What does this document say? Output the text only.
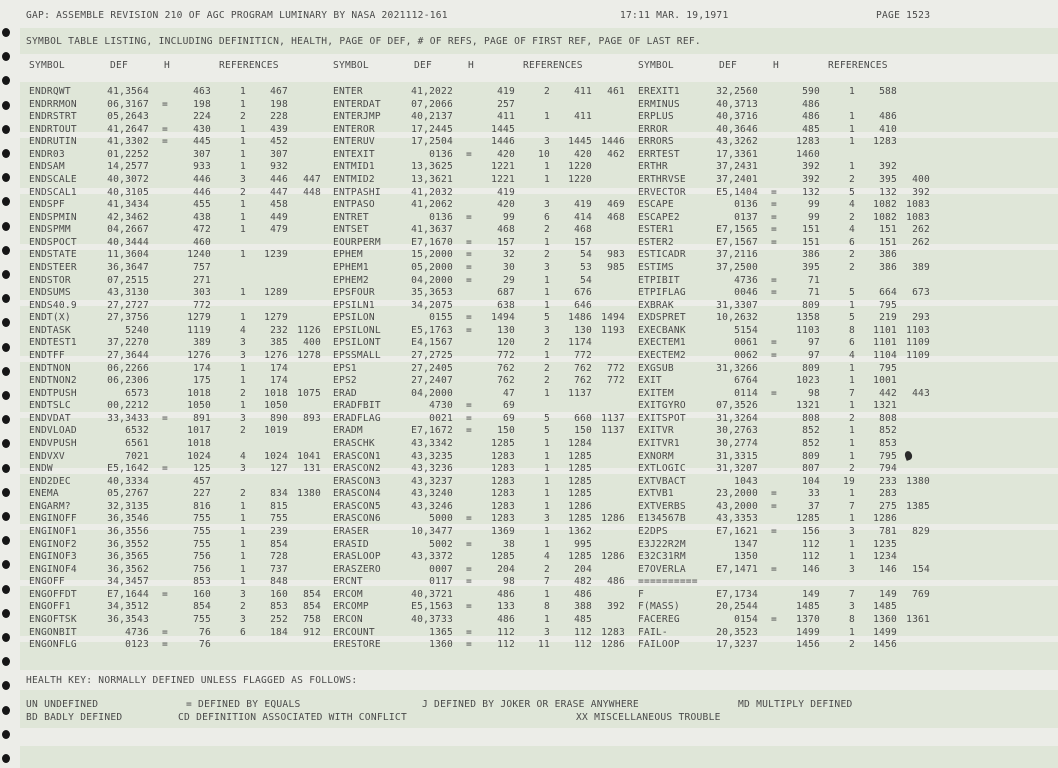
GAP: ASSEMBLE REVISION 210 OF AGC PROGRAM LUMINARY BY NASA 2021112-161	17:11 MAR. 19,1971	PAGE 1523
SYMBOL TABLE LISTING, INCLUDING DEFINITICN, HEALTH, PAGE OF DEF, # OF REFS, PAGE OF FIRST REF, PAGE OF LAST REF.
SYMBOL	DEF	H	REFERENCES	SYMBOL	DEF	H	REFERENCES	SYMBOL	DEF	H	REFERENCES
ENDRQWT	41,3564	463	1	467	ENTER	41,2022	419	2	411	461 EREXIT1	32,2560	590	1	588
ENDRRMON	06,3167 =	198	1	198	ENTERDAT	07,2066	257	ERMINUS	40,3713	486
ENDRSTRT	05,2643	224	2	228	ENTERJMP	40,2137	411	1	411	ERPLUS	40,3716	486	1	486
ENDRTOUT	41,2647 =	430	1	439	ENTEROR	17,2445	1445	ERROR	40,3646	485	1	410
ENDRUTIN	41,3302 =	445	1	452	ENTERUV	17,2504	1446	3	1445 1446 ERRORS	43,3262	1283	1	1283
ENDR03	01,2252	307	1	307	ENTEXIT	0136 =	420	10	420	462 ERRTEST	17,3361	1460
ENDSAM	14,2577	933	1	932	ENTMID1	13,3625	1221	1	1220	ERTHR	37,2431	392	1	392
ENDSCALE	40,3072	446	3	446	447 ENTMID2	13,3621	1221	1	1220	ERTHRVSE	37,2401	392	2	395	400
ENDSCAL1	40,3105	446	2	447	448 ENTPASHI	41,2032	419	ERVECTOR	E5,1404 =	132	5	132	392
ENDSPF	41,3434	455	1	458	ENTPASO	41,2062	420	3	419	469 ESCAPE	0136 =	99	4	1082 1083
ENDSPMIN	42,3462	438	1	449	ENTRET	0136 =	99	6	414	468 ESCAPE2	0137 =	99	2	1082 1083
ENDSPMM	04,2667	472	1	479	ENTSET	41,3637	468	2	468	ESTER1	E7,1565 =	151	4	151	262
ENDSPOCT	40,3444	460	EOURPERM	E7,1670 =	157	1	157	ESTER2	E7,1567 =	151	6	151	262
ENDSTATE	11,3604	1240	1	1239	EPHEM	15,2000 =	32	2	54	983 ESTICADR	37,2116	386	2	386
ENDSTEER	36,3647	757	EPHEM1	05,2000 =	30	3	53	985 ESTIMS	37,2500	395	2	386	389
ENDSTOR	07,2515	271	EPHEM2	04,2000 =	29	1	54	ETPIBIT	4736 =	71
ENDSUMS	43,3130	303	1	1289	EPSFOUR	35,3653	687	1	676	ETPIFLAG	0046 =	71	5	664	673
ENDS40.9	27,2727	772	EPSILN1	34,2075	638	1	646	EXBRAK	31,3307	809	1	795
ENDT(X)	27,3756	1279	1	1279	EPSILON	0155 =	1494	5	1486 1494 EXDSPRET	10,2632	1358	5	219	293
ENDTASK	5240	1119	4	232 1126 EPSILONL	E5,1763 =	130	3	130 1193 EXECBANK	5154	1103	8	1101 1103
ENDTEST1	37,2270	389	3	385	400 EPSILONT	E4,1567	120	2	1174	EXECTEM1	0061 =	97	6	1101 1109
ENDTFF	27,3644	1276	3	1276 1278 EPSSMALL	27,2725	772	1	772	EXECTEM2	0062 =	97	4	1104 1109
ENDTNON	06,2266	174	1	174	EPS1	27,2405	762	2	762	772 EXGSUB	31,3266	809	1	795
ENDTNON2	06,2306	175	1	174	EPS2	27,2407	762	2	762	772 EXIT	6764	1023	1	1001
ENDTPUSH	6573	1018	2	1018 1075 ERAD	04,2000	47	1	1137	EXITEM	0114 =	98	7	442	443
ENDTSLC	00,2212	1050	1	1050	ERADFBIT	4730 =	69	EXITGYRO	07,3526	1321	1	1321
ENDVDAT	33,3433 =	891	3	890	893 ERADFLAG	0021 =	69	5	660 1137 EXITSPOT	31,3264	808	2	808
ENDVLOAD	6532	1017	2	1019	ERADM	E7,1672 =	150	5	150 1137 EXITVR	30,2763	852	1	852
ENDVPUSH	6561	1018	ERASCHK	43,3342	1285	1	1284	EXITVR1	30,2774	852	1	853
ENDVXV	7021	1024	4	1024 1041 ERASCON1	43,3235	1283	1	1285	EXNORM	31,3315	809	1	795
ENDW	E5,1642 =	125	3	127	131 ERASCON2	43,3236	1283	1	1285	EXTLOGIC	31,3207	807	2	794
END2DEC	40,3334	457	ERASCON3	43,3237	1283	1	1285	EXTVBACT	1043	104	19	233 1380
ENEMA	05,2767	227	2	834 1380 ERASCON4	43,3240	1283	1	1285	EXTVB1	23,2000 =	33	1	283
ENGARM?	32,3135	816	1	815	ERASCON5	43,3246	1283	1	1286	EXTVERBS	43,2000 =	37	7	275 1385
ENGINOFF	36,3546	755	1	755	ERASCON6	5000 =	1283	3	1285 1286 E134567B	43,3353	1285	1	1286
ENGINOF1	36,3556	755	1	239	ERASER	10,3477	1369	1	1362	E2DPS	E7,1621 =	156	3	781	829
ENGINOF2	36,3552	755	1	854	ERASID	5002 =	38	1	995	E3J22R2M	1347	112	1	1235
ENGINOF3	36,3565	756	1	728	ERASLOOP	43,3372	1285	4	1285 1286 E32C31RM	1350	112	1	1234
ENGINOF4	36,3562	756	1	737	ERASZERO	0007 =	204	2	204	E7OVERLA	E7,1471 =	146	3	146	154
ENGOFF	34,3457	853	1	848	ERCNT	0117 =	98	7	482	486 ==========
ENGOFFDT	E7,1644 =	160	3	160	854 ERCOM	40,3721	486	1	486	F	E7,1734	149	7	149	769
ENGOFF1	34,3512	854	2	853	854 ERCOMP	E5,1563 =	133	8	388	392 F(MASS)	20,2544	1485	3	1485
ENGOFTSK	36,3543	755	3	252	758 ERCON	40,3733	486	1	485	FACEREG	0154 =	1370	8	1360 1361
ENGONBIT	4736 =	76	6	184	912 ERCOUNT	1365 =	112	3	112 1283 FAIL-	20,3523	1499	1	1499
ENGONFLG	0123 =	76	ERESTORE	1360 =	112	11	112 1286 FAILOOP	17,3237	1456	2	1456
HEALTH KEY: NORMALLY DEFINED UNLESS FLAGGED AS FOLLOWS:
UN UNDEFINED	= DEFINED BY EQUALS	J DEFINED BY JOKER OR ERASE ANYWHERE	MD MULTIPLY DEFINED
BD BADLY DEFINED	CD DEFINITION ASSOCIATED WITH CONFLICT	XX MISCELLANEOUS TROUBLE
